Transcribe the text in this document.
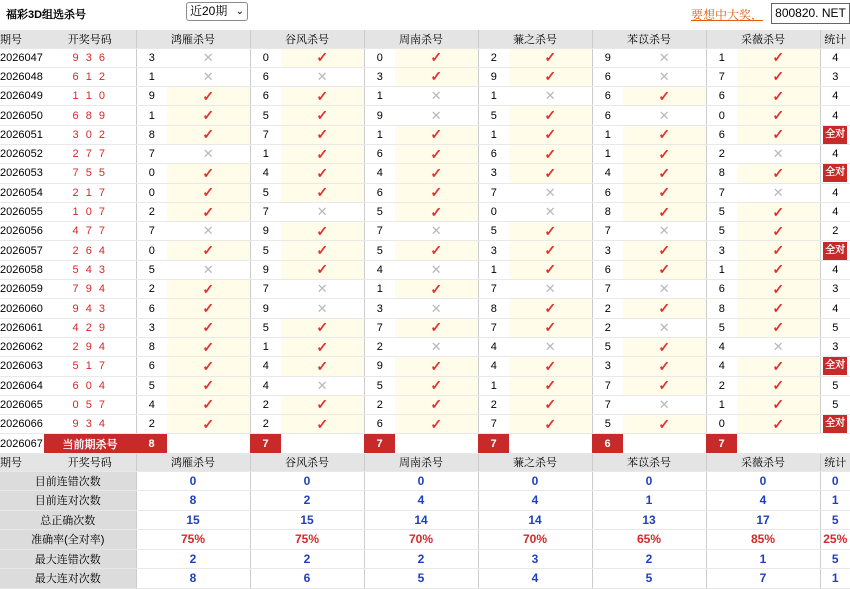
福彩3D组选杀号	近20期 ⌄	要想中大奖，	800820. NET
期号	开奖号码	鸿雁杀号		谷风杀号		周南杀号		蒹之杀号		苯苡杀号		采薇杀号		统计
2026047	9 3 6	3	✕	0	✓	0	✓	2	✓	9	✕	1	✓	4
2026048	6 1 2	1	✕	6	✕	3	✓	9	✓	6	✕	7	✓	3
2026049	1 1 0	9	✓	6	✓	1	✕	1	✕	6	✓	6	✓	4
2026050	6 8 9	1	✓	5	✓	9	✕	5	✓	6	✕	0	✓	4
2026051	3 0 2	8	✓	7	✓	1	✓	1	✓	1	✓	6	✓	全对
2026052	2 7 7	7	✕	1	✓	6	✓	6	✓	1	✓	2	✕	4
2026053	7 5 5	0	✓	4	✓	4	✓	3	✓	4	✓	8	✓	全对
2026054	2 1 7	0	✓	5	✓	6	✓	7	✕	6	✓	7	✕	4
2026055	1 0 7	2	✓	7	✕	5	✓	0	✕	8	✓	5	✓	4
2026056	4 7 7	7	✕	9	✓	7	✕	5	✓	7	✕	5	✓	2
2026057	2 6 4	0	✓	5	✓	5	✓	3	✓	3	✓	3	✓	全对
2026058	5 4 3	5	✕	9	✓	4	✕	1	✓	6	✓	1	✓	4
2026059	7 9 4	2	✓	7	✕	1	✓	7	✕	7	✕	6	✓	3
2026060	9 4 3	6	✓	9	✕	3	✕	8	✓	2	✓	8	✓	4
2026061	4 2 9	3	✓	5	✓	7	✓	7	✓	2	✕	5	✓	5
2026062	2 9 4	8	✓	1	✓	2	✕	4	✕	5	✓	4	✕	3
2026063	5 1 7	6	✓	4	✓	9	✓	4	✓	3	✓	4	✓	全对
2026064	6 0 4	5	✓	4	✕	5	✓	1	✓	7	✓	2	✓	5
2026065	0 5 7	4	✓	2	✓	2	✓	2	✓	7	✕	1	✓	5
2026066	9 3 4	2	✓	2	✓	6	✓	7	✓	5	✓	0	✓	全对
2026067	当前期杀号	8		7		7		7		6		7		
期号	开奖号码	鸿雁杀号		谷风杀号		周南杀号		蒹之杀号		苯苡杀号		采薇杀号		统计
目前连错次数		0		0		0		0		0		0		0
目前连对次数		8		2		4		4		1		4		1
总正确次数		15		15		14		14		13		17		5
准确率(全对率)		75%		75%		70%		70%		65%		85%		25%
最大连错次数		2		2		2		3		2		1		5
最大连对次数		8		6		5		4		5		7		1
